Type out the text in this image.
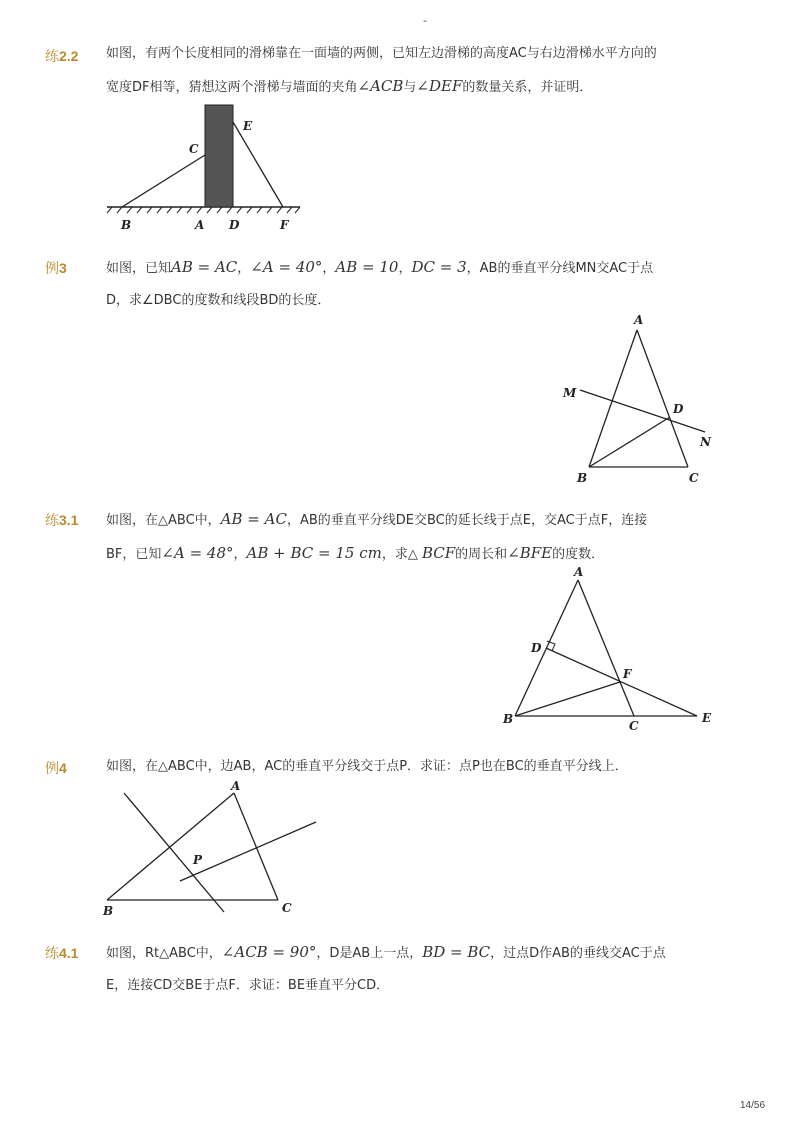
-
练2.2 如图，有两个长度相同的滑梯靠在一面墙的两侧，已知左边滑梯的高度AC与右边滑梯水平方向的
宽度DF相等，猜想这两个滑梯与墙面的夹角∠ACB与∠DEF的数量关系，并证明．
B	A D	F
C
E
A
M
D
N
B	C
A
D
F
B	C
E
A
P
B	C
例3	如图，已知AB = AC，∠A = 40°，AB = 10，DC = 3，AB的垂直平分线MN交AC于点
D，求∠DBC的度数和线段BD的长度．
练3.1 如图，在△ABC中，AB = AC，AB的垂直平分线DE交BC的延长线于点E，交AC于点F，连接
BF，已知∠A = 48°，AB + BC = 15 cm，求△ BCF的周长和∠BFE的度数．
例4	如图，在△ABC中，边AB，AC的垂直平分线交于点P．求证：点P也在BC的垂直平分线上．
练4.1 如图，Rt△ABC中，∠ACB = 90°，D是AB上一点，BD = BC，过点D作AB的垂线交AC于点
E，连接CD交BE于点F．求证：BE垂直平分CD．
14/56
